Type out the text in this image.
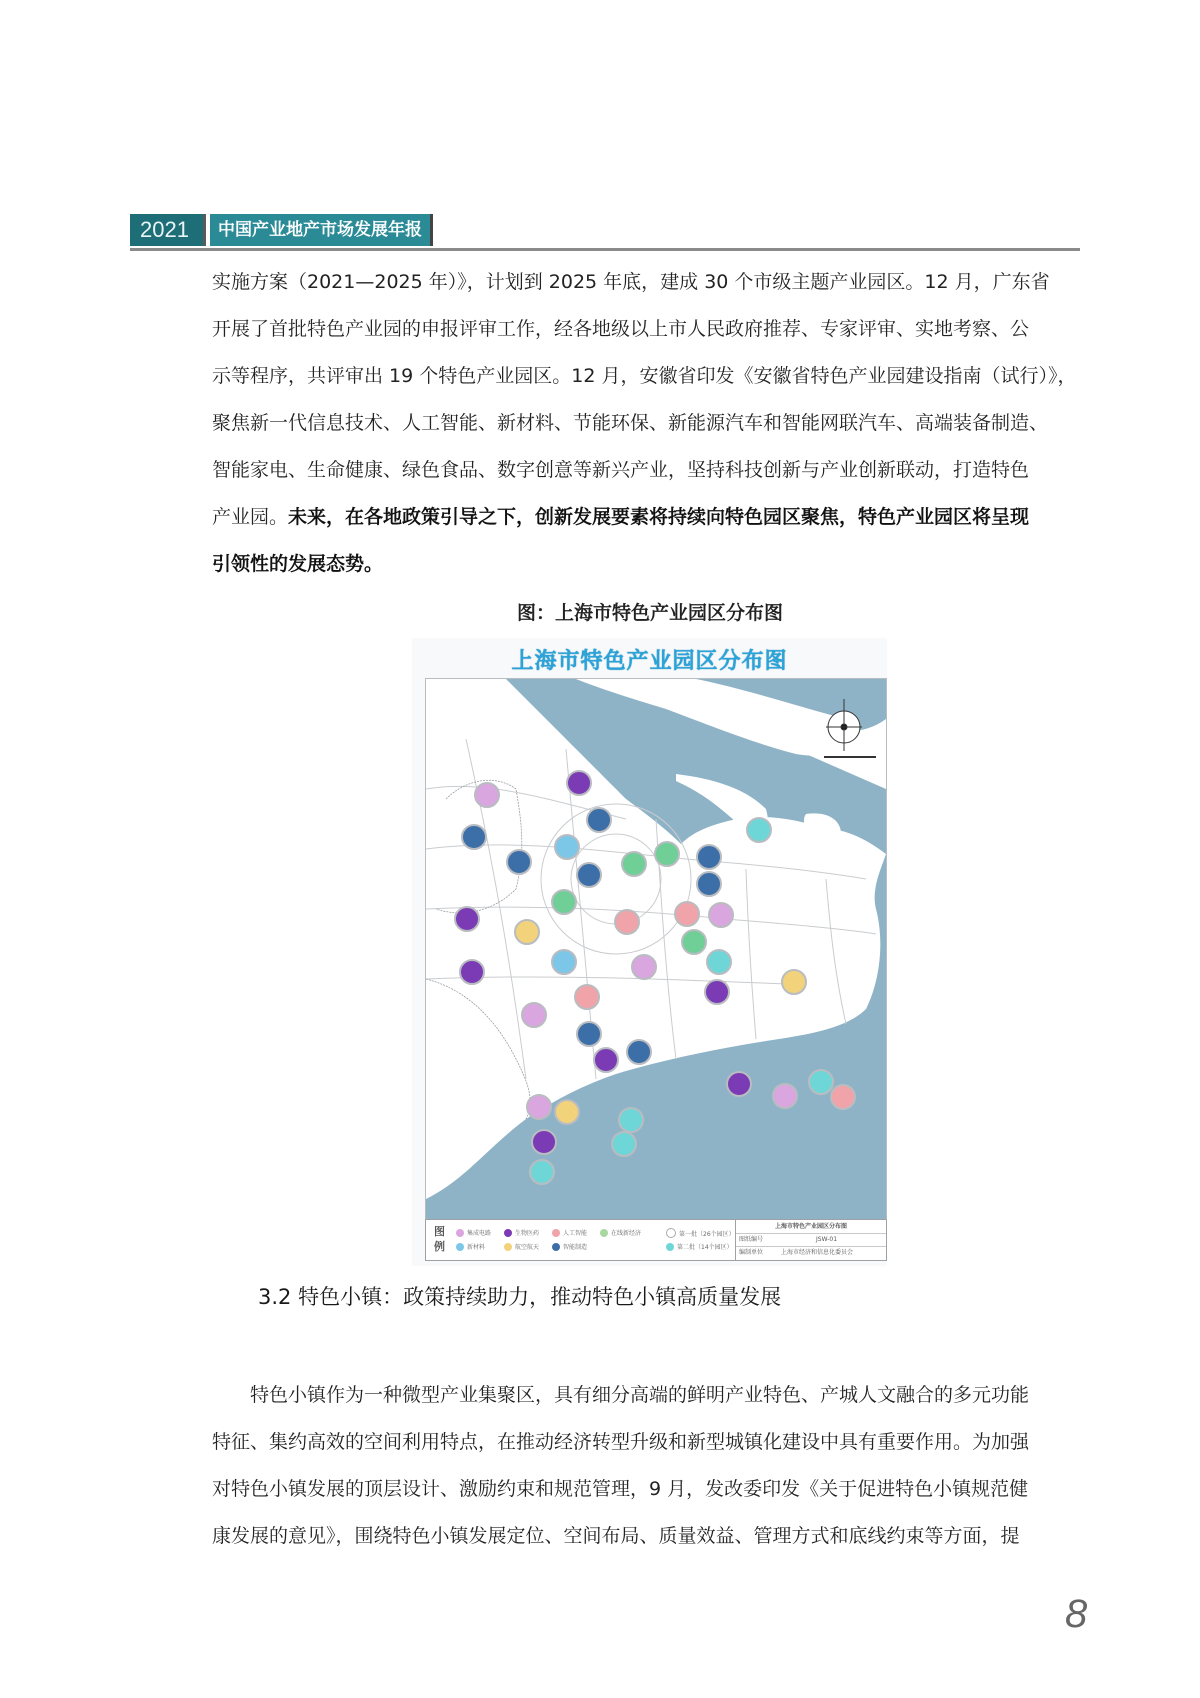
2021	中国产业地产市场发展年报
实施方案（2021—2025 年）》，计划到 2025 年底，建成 30 个市级主题产业园区。12 月，广东省
开展了首批特色产业园的申报评审工作，经各地级以上市人民政府推荐、专家评审、实地考察、公
示等程序，共评审出 19 个特色产业园区。12 月，安徽省印发《安徽省特色产业园建设指南（试行）》，
聚焦新一代信息技术、人工智能、新材料、节能环保、新能源汽车和智能网联汽车、高端装备制造、
智能家电、生命健康、绿色食品、数字创意等新兴产业，坚持科技创新与产业创新联动，打造特色
产业园。未来，在各地政策引导之下，创新发展要素将持续向特色园区聚焦，特色产业园区将呈现
引领性的发展态势。
图：上海市特色产业园区分布图
上海市特色产业园区分布图
图例
集成电路	生物医药	人工智能	在线新经济
新材料	航空航天	智能制造
第一批（26个园区）
第二批（14个园区）
上海市特色产业园区分布图
图纸编号	JSW-01
编制单位	上海市经济和信息化委员会
3.2 特色小镇：政策持续助力，推动特色小镇高质量发展
特色小镇作为一种微型产业集聚区，具有细分高端的鲜明产业特色、产城人文融合的多元功能
特征、集约高效的空间利用特点，在推动经济转型升级和新型城镇化建设中具有重要作用。为加强
对特色小镇发展的顶层设计、激励约束和规范管理，9 月，发改委印发《关于促进特色小镇规范健
康发展的意见》，围绕特色小镇发展定位、空间布局、质量效益、管理方式和底线约束等方面，提
8
